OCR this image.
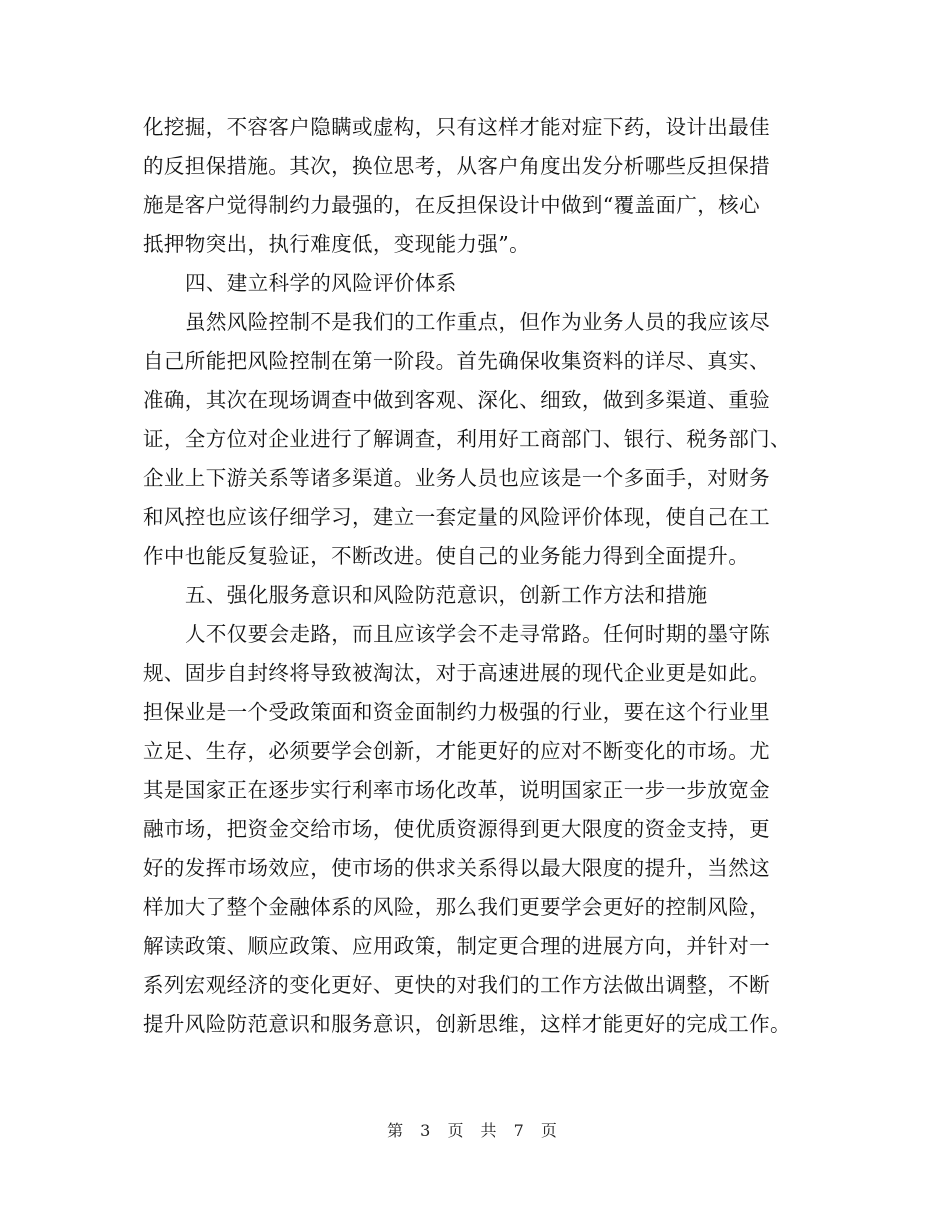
化挖掘，不容客户隐瞒或虚构，只有这样才能对症下药，设计出最佳
的反担保措施。其次，换位思考，从客户角度出发分析哪些反担保措
施是客户觉得制约力最强的，在反担保设计中做到“覆盖面广，核心
抵押物突出，执行难度低，变现能力强”。
四、建立科学的风险评价体系
虽然风险控制不是我们的工作重点，但作为业务人员的我应该尽
自己所能把风险控制在第一阶段。首先确保收集资料的详尽、真实、
准确，其次在现场调查中做到客观、深化、细致，做到多渠道、重验
证，全方位对企业进行了解调查，利用好工商部门、银行、税务部门、
企业上下游关系等诸多渠道。业务人员也应该是一个多面手，对财务
和风控也应该仔细学习，建立一套定量的风险评价体现，使自己在工
作中也能反复验证，不断改进。使自己的业务能力得到全面提升。
五、强化服务意识和风险防范意识，创新工作方法和措施
人不仅要会走路，而且应该学会不走寻常路。任何时期的墨守陈
规、固步自封终将导致被淘汰，对于高速进展的现代企业更是如此。
担保业是一个受政策面和资金面制约力极强的行业，要在这个行业里
立足、生存，必须要学会创新，才能更好的应对不断变化的市场。尤
其是国家正在逐步实行利率市场化改革，说明国家正一步一步放宽金
融市场，把资金交给市场，使优质资源得到更大限度的资金支持，更
好的发挥市场效应，使市场的供求关系得以最大限度的提升，当然这
样加大了整个金融体系的风险，那么我们更要学会更好的控制风险，
解读政策、顺应政策、应用政策，制定更合理的进展方向，并针对一
系列宏观经济的变化更好、更快的对我们的工作方法做出调整，不断
提升风险防范意识和服务意识，创新思维，这样才能更好的完成工作。
第 3 页 共 7 页
